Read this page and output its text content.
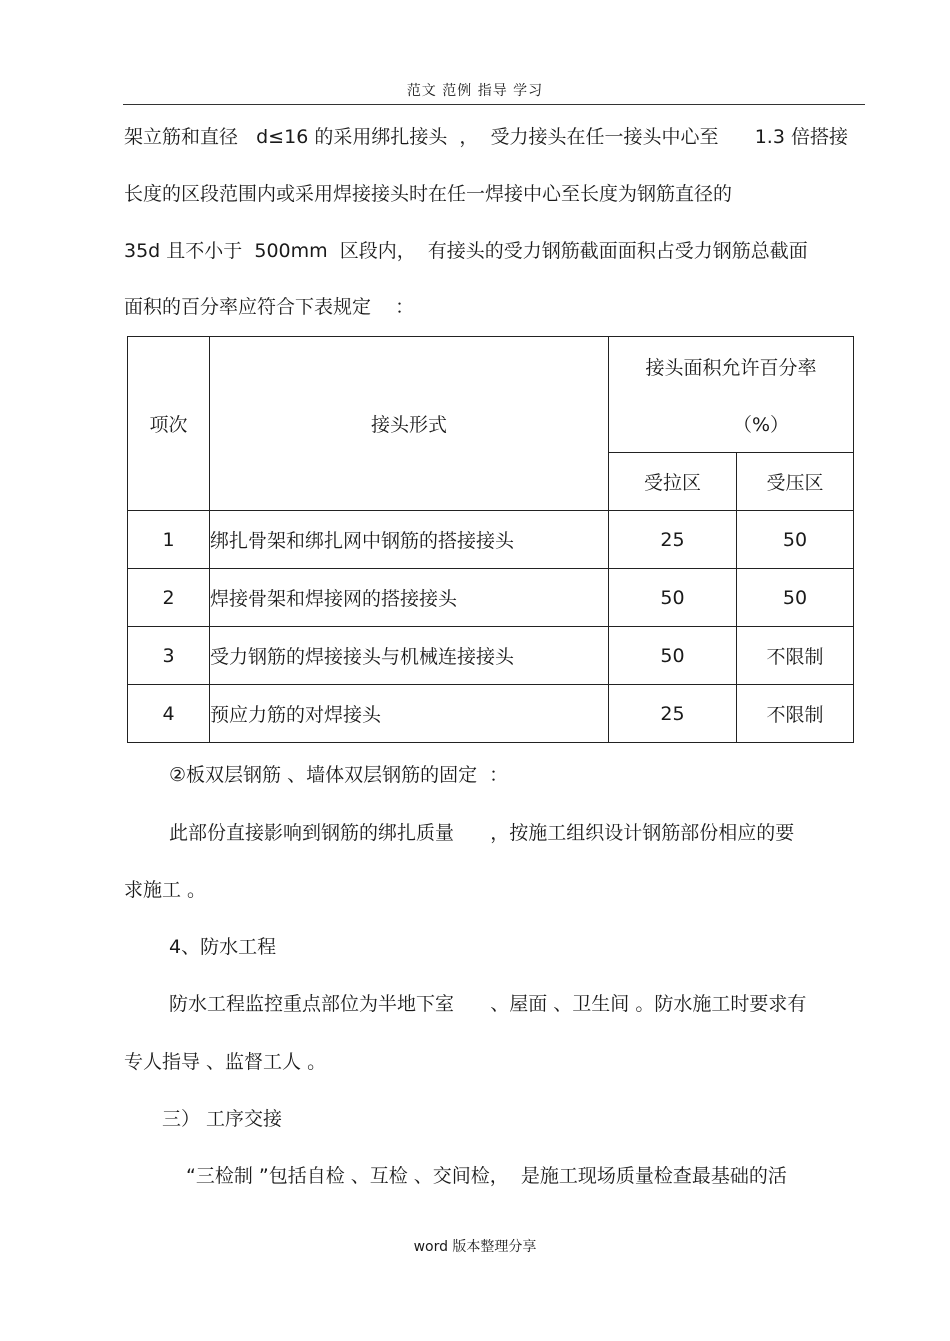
范文 范例 指导 学习
架立筋和直径   d≤16 的采用绑扎接头  ，  受力接头在任一接头中心至      1.3 倍搭接
长度的区段范围内或采用焊接接头时在任一焊接中心至长度为钢筋直径的
35d 且不小于  500mm  区段内，  有接头的受力钢筋截面面积占受力钢筋总截面
面积的百分率应符合下表规定    ：
项次	接头形式	接头面积允许百分率
（%）	

		受拉区	受压区
1	绑扎骨架和绑扎网中钢筋的搭接接头	25	50
2	焊接骨架和焊接网的搭接接头	50	50
3	受力钢筋的焊接接头与机械连接接头	50	不限制
4	预应力筋的对焊接头	25	不限制
②板双层钢筋 、墙体双层钢筋的固定  ：
此部份直接影响到钢筋的绑扎质量      ，按施工组织设计钢筋部份相应的要
求施工 。
4、防水工程
防水工程监控重点部位为半地下室      、屋面 、卫生间 。防水施工时要求有
专人指导 、监督工人 。
三） 工序交接
“三检制 ”包括自检 、互检 、交间检，  是施工现场质量检查最基础的活
word 版本整理分享
